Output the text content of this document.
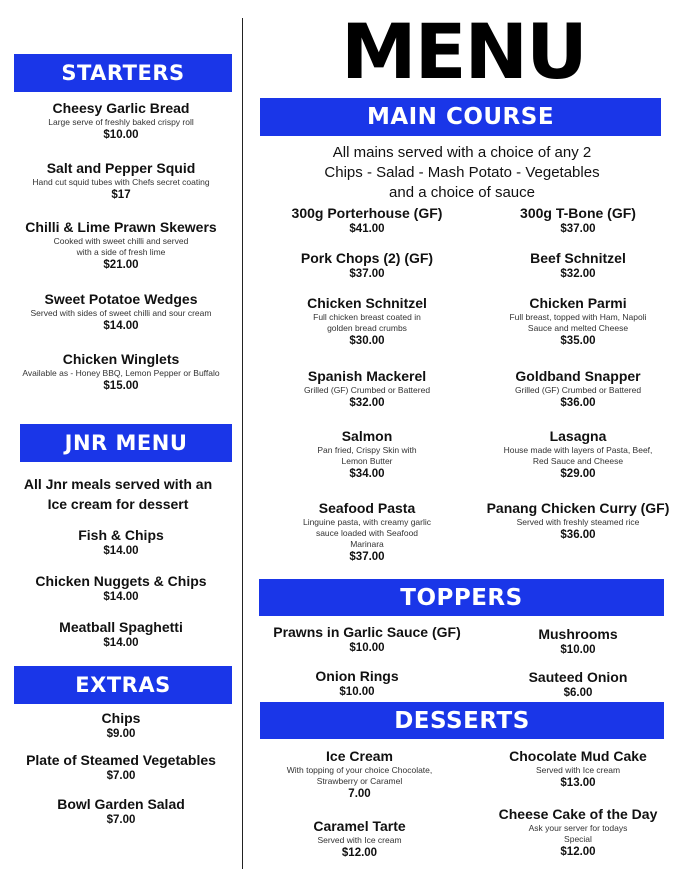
MENU
STARTERS
Cheesy Garlic Bread
Large serve of freshly baked crispy roll
$10.00
Salt and Pepper Squid
Hand cut squid tubes with Chefs secret coating
$17
Chilli & Lime Prawn Skewers
Cooked with sweet chilli and served with a side of fresh lime
$21.00
Sweet Potatoe Wedges
Served with sides of sweet chilli and sour cream
$14.00
Chicken Winglets
Available as - Honey BBQ, Lemon Pepper or Buffalo
$15.00
JNR MENU
All Jnr meals served with an Ice cream for dessert
Fish & Chips
$14.00
Chicken Nuggets & Chips
$14.00
Meatball Spaghetti
$14.00
EXTRAS
Chips
$9.00
Plate of Steamed Vegetables
$7.00
Bowl Garden Salad
$7.00
MAIN COURSE
All mains served with a choice of any 2
Chips - Salad - Mash Potato - Vegetables
and a choice of sauce
300g Porterhouse (GF)
$41.00
300g T-Bone (GF)
$37.00
Pork Chops (2) (GF)
$37.00
Beef Schnitzel
$32.00
Chicken Schnitzel
Full chicken breast coated in golden bread crumbs
$30.00
Chicken Parmi
Full breast, topped with Ham, Napoli Sauce and melted Cheese
$35.00
Spanish Mackerel
Grilled (GF) Crumbed or Battered
$32.00
Goldband Snapper
Grilled (GF) Crumbed or Battered
$36.00
Salmon
Pan fried, Crispy Skin with Lemon Butter
$34.00
Lasagna
House made with layers of Pasta, Beef, Red Sauce and Cheese
$29.00
Seafood Pasta
Linguine pasta, with creamy garlic sauce loaded with Seafood Marinara
$37.00
Panang Chicken Curry (GF)
Served with freshly steamed rice
$36.00
TOPPERS
Prawns in Garlic Sauce (GF)
$10.00
Mushrooms
$10.00
Onion Rings
$10.00
Sauteed Onion
$6.00
DESSERTS
Ice Cream
With topping of your choice Chocolate, Strawberry or Caramel
7.00
Chocolate Mud Cake
Served with Ice cream
$13.00
Caramel Tarte
Served with Ice cream
$12.00
Cheese Cake of the Day
Ask your server for todays Special
$12.00
